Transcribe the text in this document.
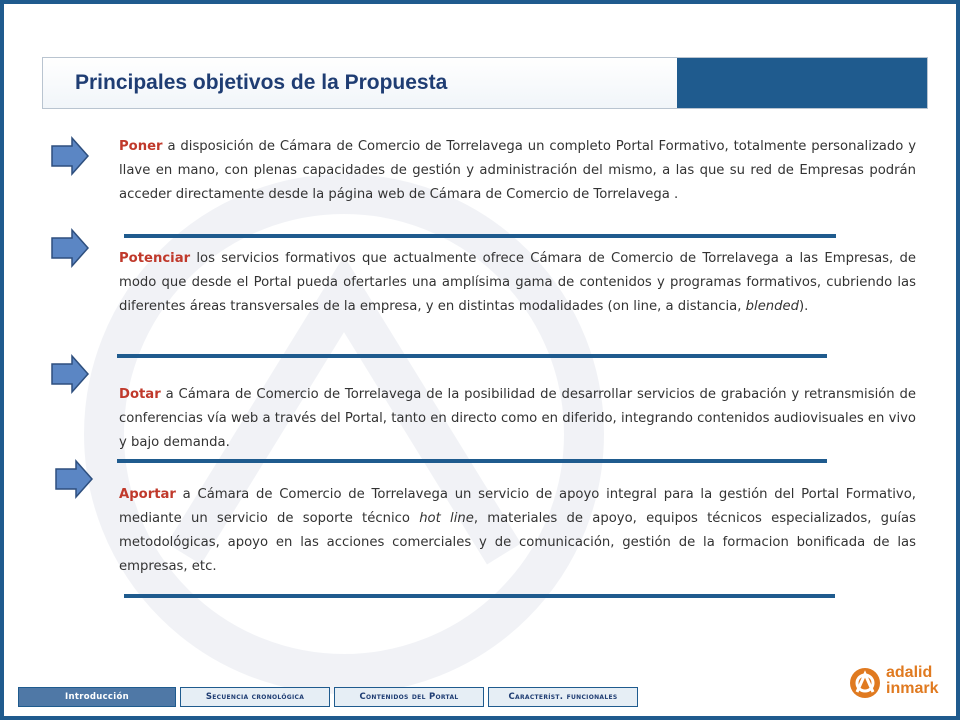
Principales objetivos de la Propuesta
Poner a disposición de Cámara de Comercio de Torrelavega un completo Portal Formativo, totalmente personalizado y llave en mano, con plenas capacidades de gestión y administración del mismo, a las que su red de Empresas podrán acceder directamente desde la página web de Cámara de Comercio de Torrelavega .
Potenciar los servicios formativos que actualmente ofrece Cámara de Comercio de Torrelavega a las Empresas, de modo que desde el Portal pueda ofertarles una amplísima gama de contenidos y programas formativos, cubriendo las diferentes áreas transversales de la empresa, y en distintas modalidades (on line, a distancia, blended).
Dotar a Cámara de Comercio de Torrelavega de la posibilidad de desarrollar servicios de grabación y retransmisión de conferencias vía web a través del Portal, tanto en directo como en diferido, integrando contenidos audiovisuales en vivo y bajo demanda.
Aportar a Cámara de Comercio de Torrelavega un servicio de apoyo integral para la gestión del Portal Formativo, mediante un servicio de soporte técnico hot line, materiales de apoyo, equipos técnicos especializados, guías metodológicas, apoyo en las acciones comerciales y de comunicación, gestión de la formacion bonificada de las empresas, etc.
Introducción	Secuencia cronológica	Contenidos del Portal	Característ. funcionales
adalid
inmark
